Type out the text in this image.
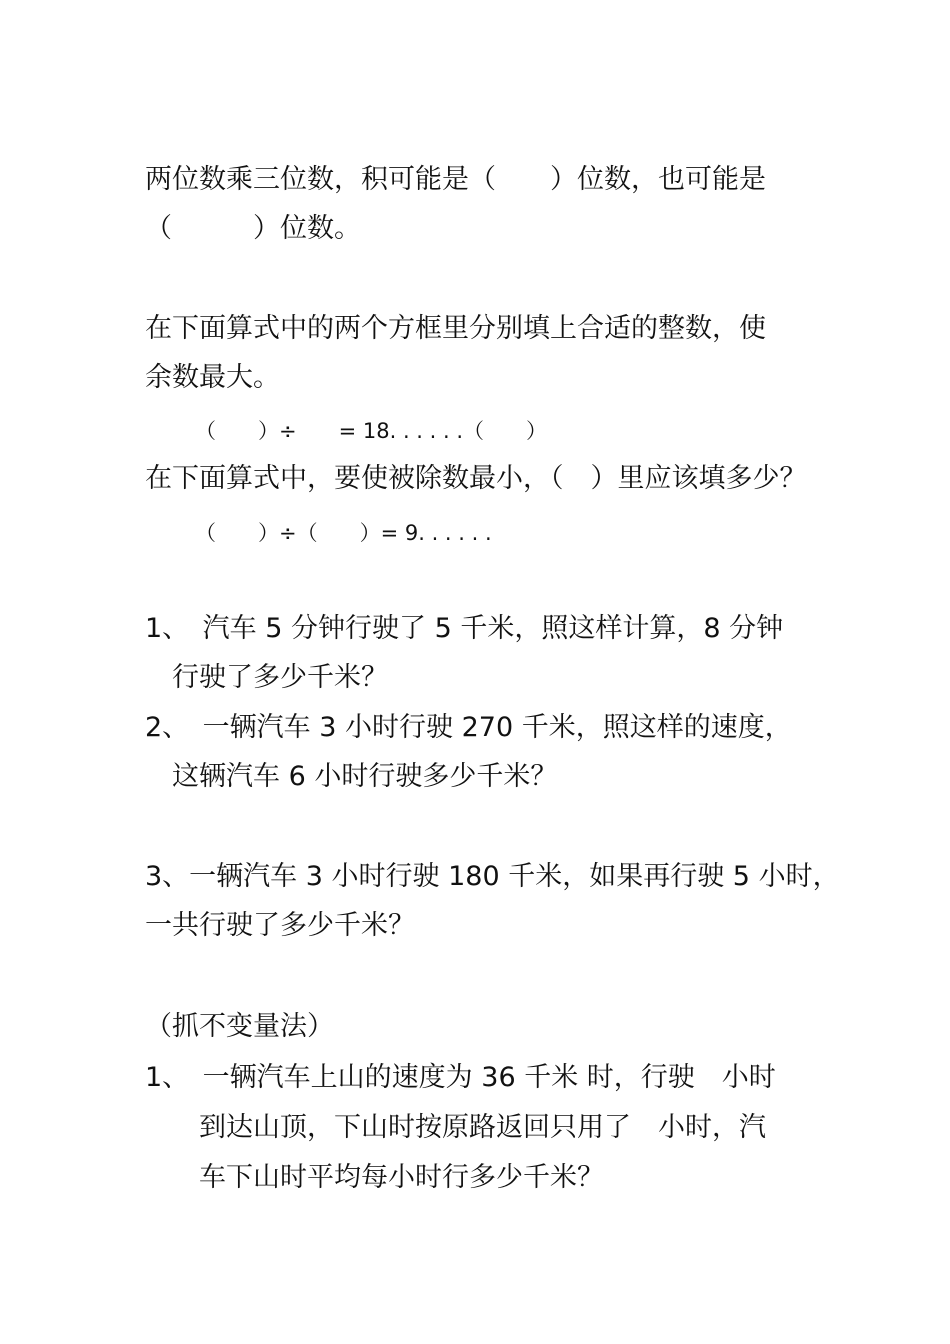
两位数乘三位数，积可能是（　　）位数，也可能是
（　　　）位数。
在下面算式中的两个方框里分别填上合适的整数，使
余数最大。
（　　）÷　　= 18. . . . . .（　　）
在下面算式中，要使被除数最小，（　）里应该填多少？
（　　）÷（　　）= 9. . . . . .
1、　汽车 5 分钟行驶了 5 千米，照这样计算，8 分钟
　行驶了多少千米？
2、　一辆汽车 3 小时行驶 270 千米，照这样的速度，
　这辆汽车 6 小时行驶多少千米？
3、一辆汽车 3 小时行驶 180 千米，如果再行驶 5 小时，
一共行驶了多少千米？
（抓不变量法）
1、　一辆汽车上山的速度为 36 千米 时，行驶　小时
　　到达山顶，下山时按原路返回只用了　小时，汽
　　车下山时平均每小时行多少千米？
